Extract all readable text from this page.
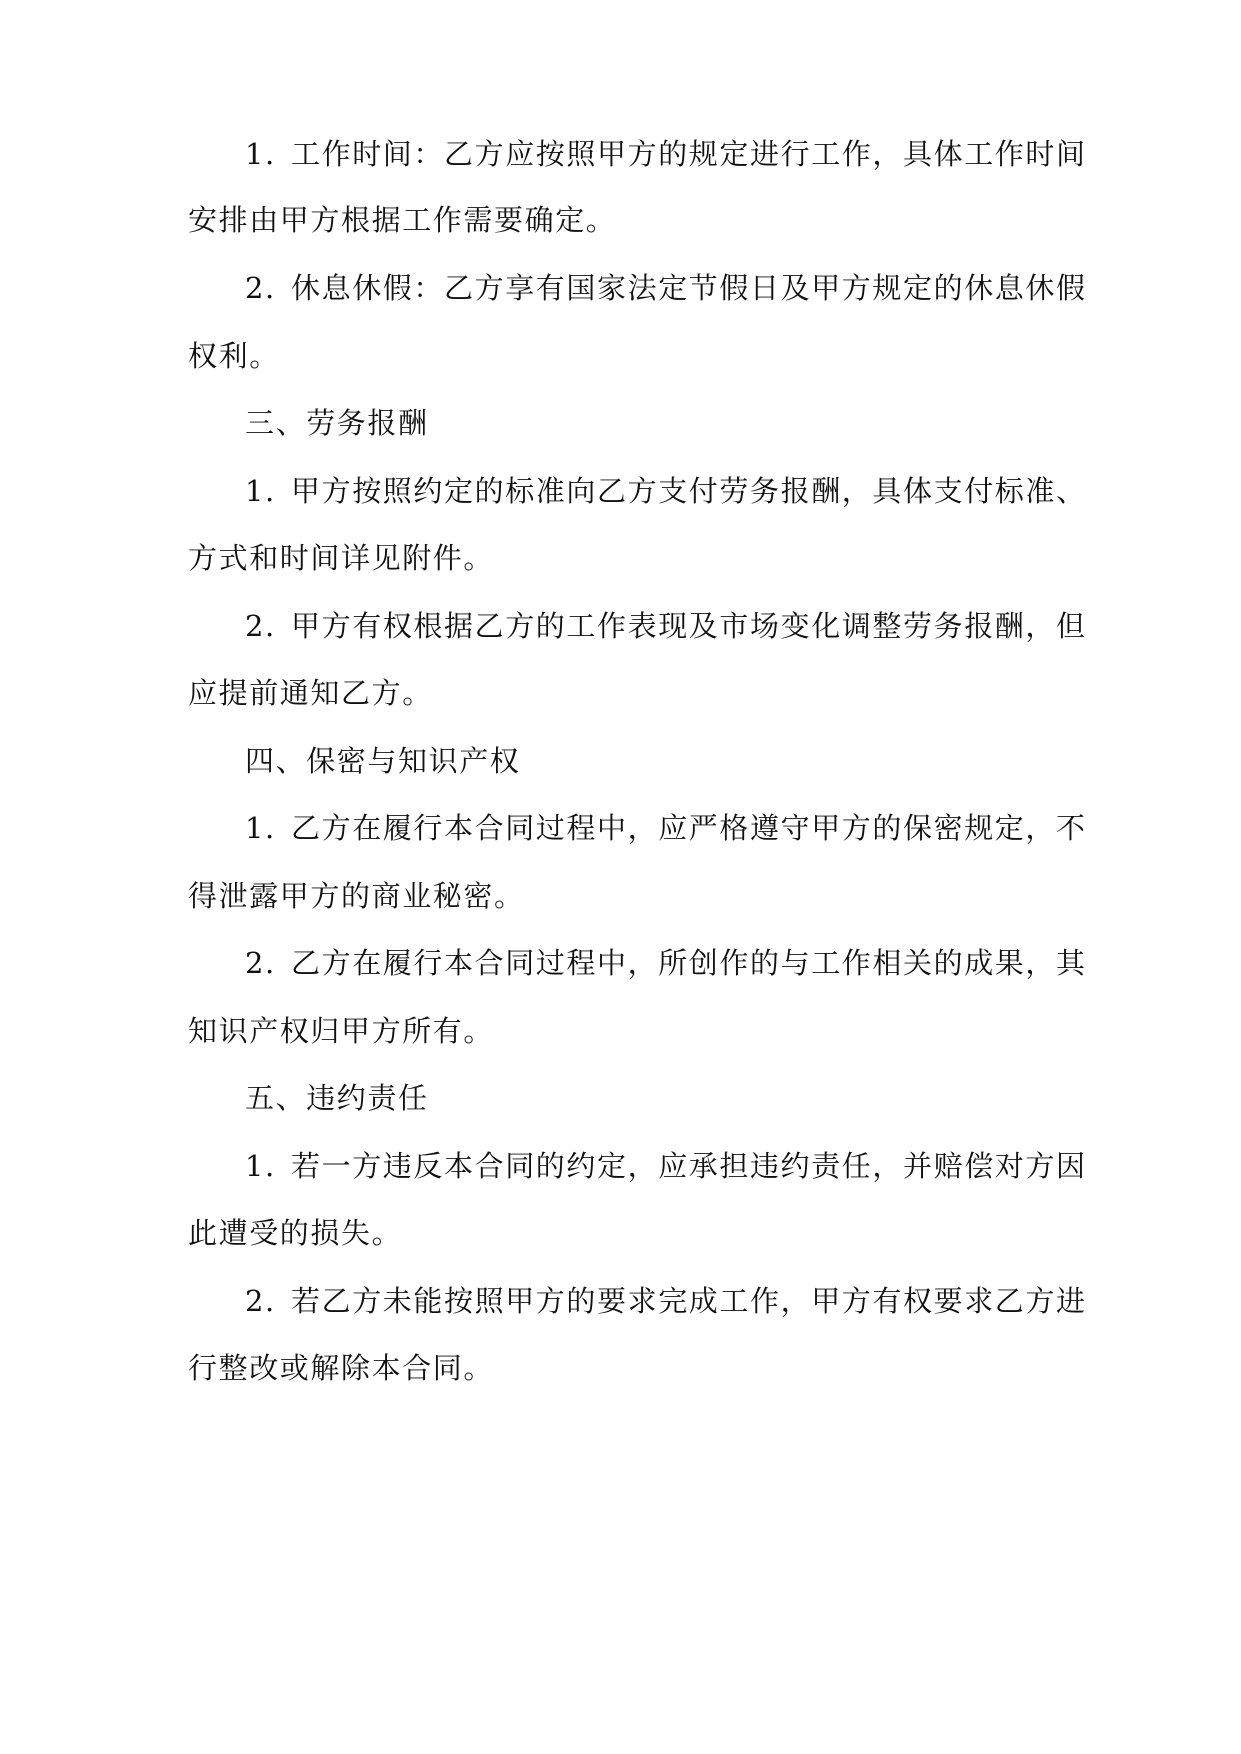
1. 工作时间：乙方应按照甲方的规定进行工作，具体工作时间
安排由甲方根据工作需要确定。
2. 休息休假：乙方享有国家法定节假日及甲方规定的休息休假
权利。
三、劳务报酬
1. 甲方按照约定的标准向乙方支付劳务报酬，具体支付标准、
方式和时间详见附件。
2. 甲方有权根据乙方的工作表现及市场变化调整劳务报酬，但
应提前通知乙方。
四、保密与知识产权
1. 乙方在履行本合同过程中，应严格遵守甲方的保密规定，不
得泄露甲方的商业秘密。
2. 乙方在履行本合同过程中，所创作的与工作相关的成果，其
知识产权归甲方所有。
五、违约责任
1. 若一方违反本合同的约定，应承担违约责任，并赔偿对方因
此遭受的损失。
2. 若乙方未能按照甲方的要求完成工作，甲方有权要求乙方进
行整改或解除本合同。
